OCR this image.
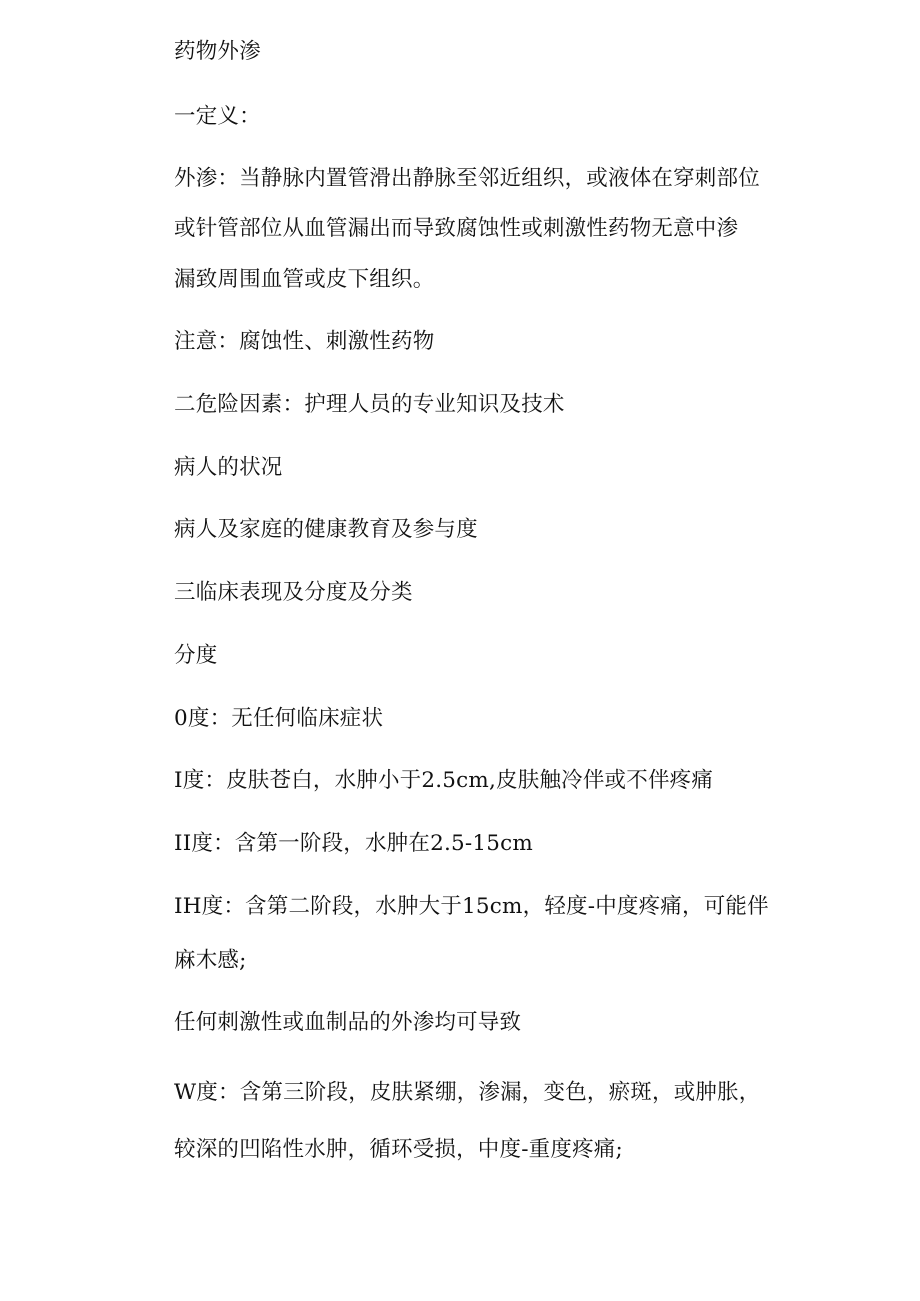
药物外渗
一定义：
外渗：当静脉内置管滑出静脉至邻近组织，或液体在穿刺部位
或针管部位从血管漏出而导致腐蚀性或刺激性药物无意中渗
漏致周围血管或皮下组织。
注意：腐蚀性、刺激性药物
二危险因素：护理人员的专业知识及技术
病人的状况
病人及家庭的健康教育及参与度
三临床表现及分度及分类
分度
0度：无任何临床症状
I度：皮肤苍白，水肿小于2.5cm,皮肤触冷伴或不伴疼痛
II度：含第一阶段，水肿在2.5-15cm
IH度：含第二阶段，水肿大于15cm，轻度-中度疼痛，可能伴
麻木感;
任何刺激性或血制品的外渗均可导致
W度：含第三阶段，皮肤紧绷，渗漏，变色，瘀斑，或肿胀，
较深的凹陷性水肿，循环受损，中度-重度疼痛;
